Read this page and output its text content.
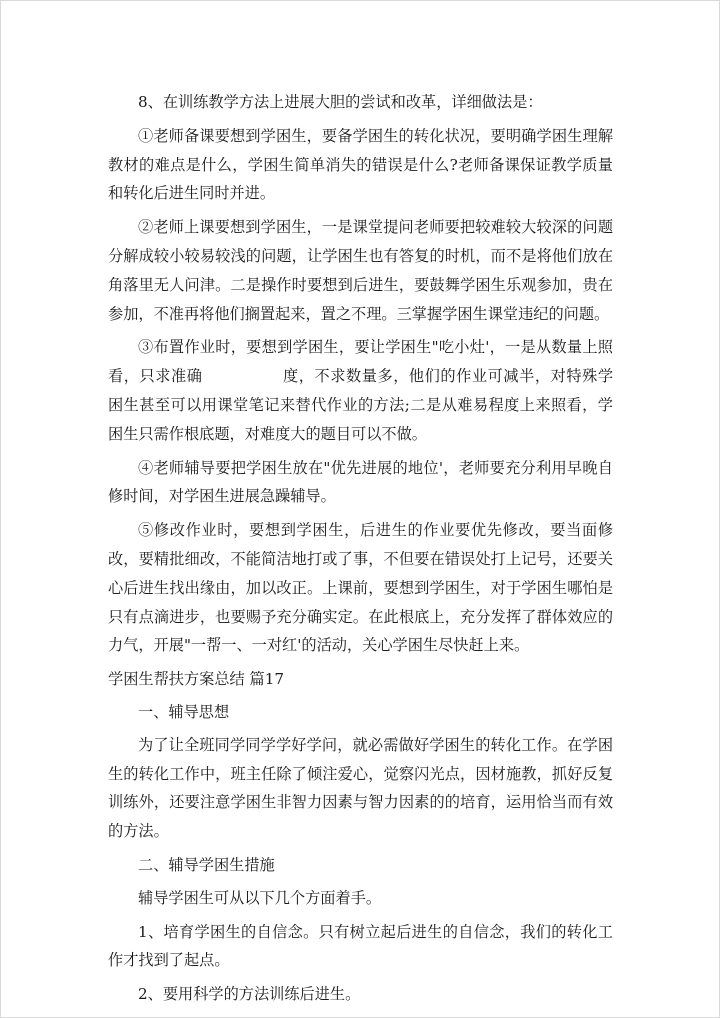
8、在训练教学方法上进展大胆的尝试和改革，详细做法是：

①老师备课要想到学困生，要备学困生的转化状况，要明确学困生理解教材的难点是什么，学困生简单消失的错误是什么?老师备课保证教学质量和转化后进生同时并进。

②老师上课要想到学困生，一是课堂提问老师要把较难较大较深的问题分解成较小较易较浅的问题，让学困生也有答复的时机，而不是将他们放在角落里无人问津。二是操作时要想到后进生，要鼓舞学困生乐观参加，贵在参加，不准再将他们搁置起来，置之不理。三掌握学困生课堂违纪的问题。

③布置作业时，要想到学困生，要让学困生"吃小灶'，一是从数量上照看，只求准确	度，不求数量多，他们的作业可减半，对特殊学困生甚至可以用课堂笔记来替代作业的方法;二是从难易程度上来照看，学困生只需作根底题，对难度大的题目可以不做。

④老师辅导要把学困生放在"优先进展的地位'，老师要充分利用早晚自修时间，对学困生进展急躁辅导。

⑤修改作业时，要想到学困生，后进生的作业要优先修改，要当面修改，要精批细改，不能简洁地打或了事，不但要在错误处打上记号，还要关心后进生找出缘由，加以改正。上课前，要想到学困生，对于学困生哪怕是只有点滴进步，也要赐予充分确实定。在此根底上，充分发挥了群体效应的力气，开展"一帮一、一对红'的活动，关心学困生尽快赶上来。

学困生帮扶方案总结 篇17

一、辅导思想

为了让全班同学同学学好学问，就必需做好学困生的转化工作。在学困生的转化工作中，班主任除了倾注爱心，觉察闪光点，因材施教，抓好反复训练外，还要注意学困生非智力因素与智力因素的的培育，运用恰当而有效的方法。

二、辅导学困生措施

辅导学困生可从以下几个方面着手。

1、培育学困生的自信念。只有树立起后进生的自信念，我们的转化工作才找到了起点。

2、要用科学的方法训练后进生。
